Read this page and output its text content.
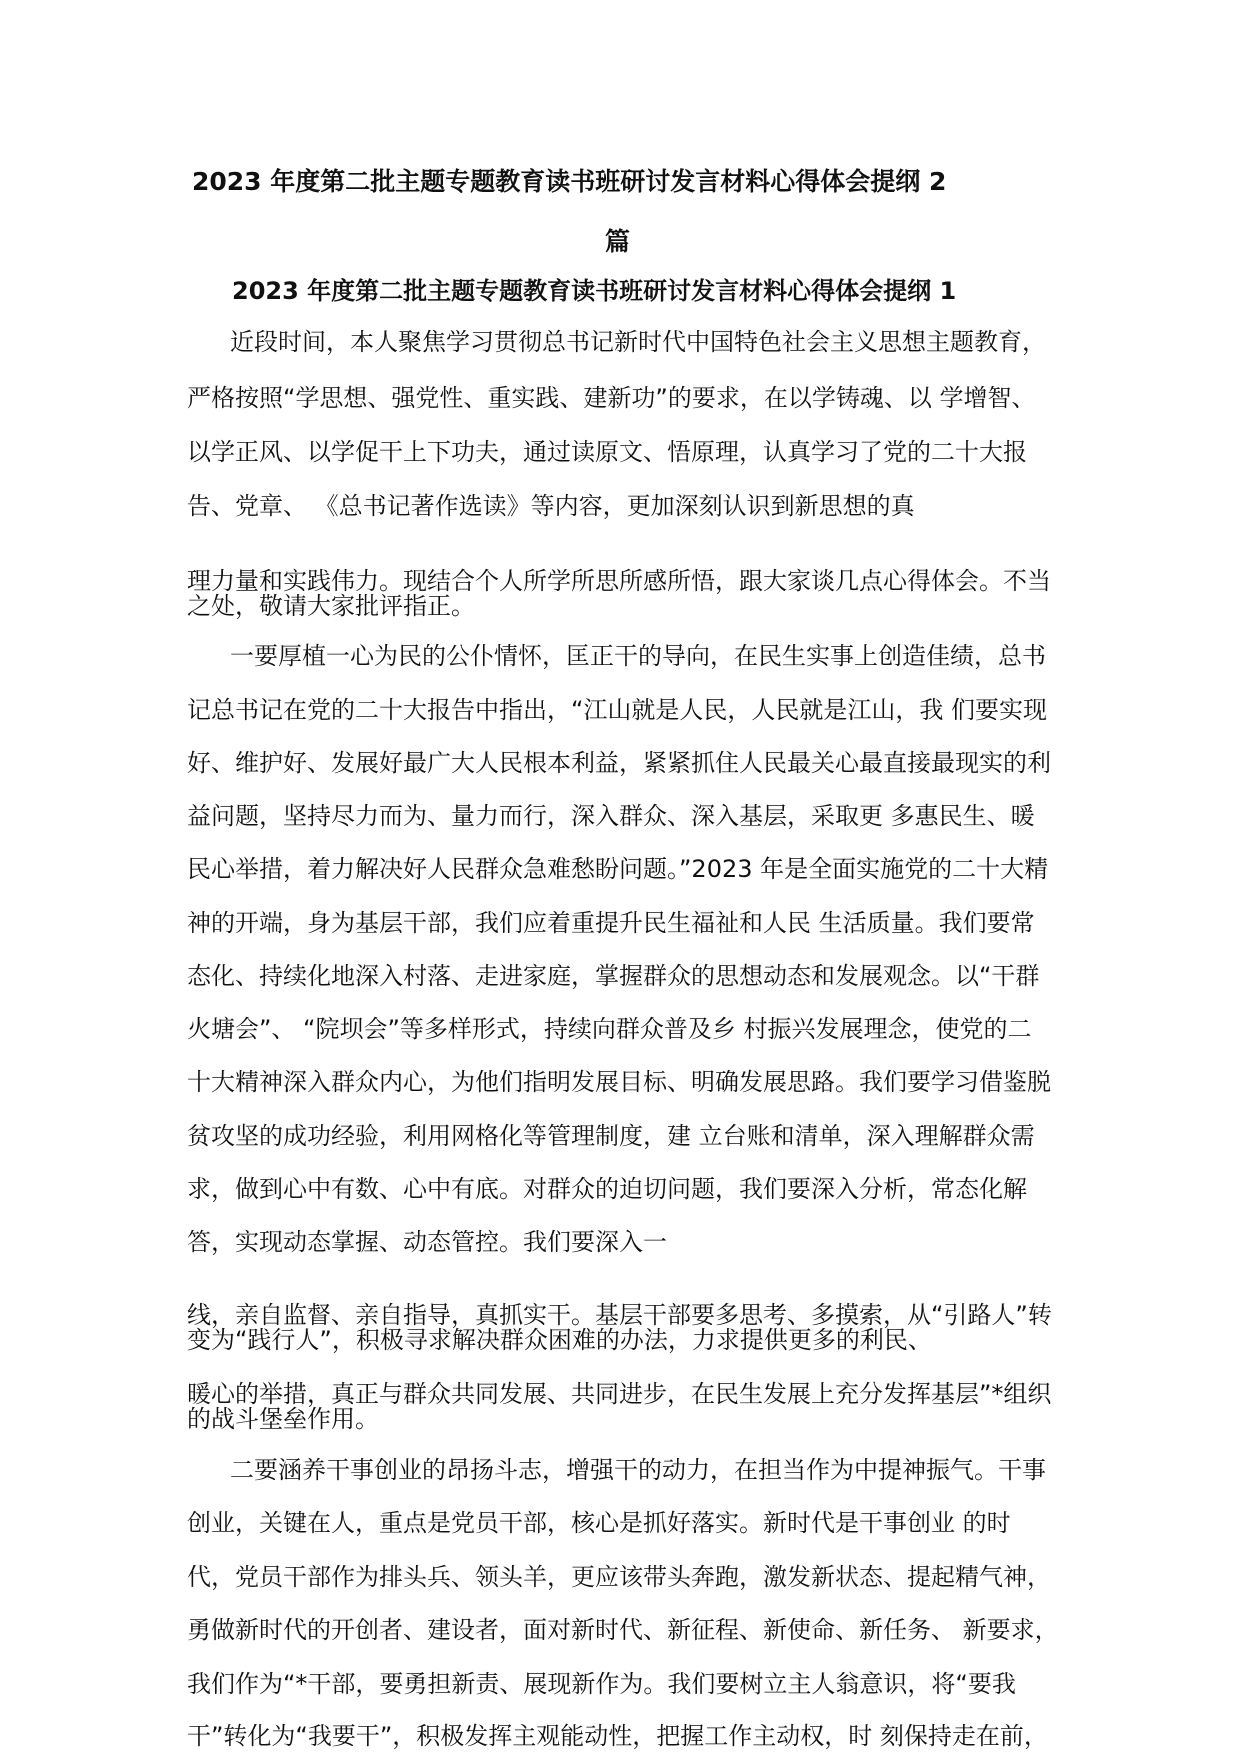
2023 年度第二批主题专题教育读书班研讨发言材料心得体会提纲 2
篇
2023 年度第二批主题专题教育读书班研讨发言材料心得体会提纲 1
近段时间，本人聚焦学习贯彻总书记新时代中国特色社会主义思想主题教育，
严格按照“学思想、强党性、重实践、建新功”的要求，在以学铸魂、以 学增智、
以学正风、以学促干上下功夫，通过读原文、悟原理，认真学习了党的二十大报
告、党章、 《总书记著作选读》等内容，更加深刻认识到新思想的真
理力量和实践伟力。现结合个人所学所思所感所悟，跟大家谈几点心得体会。不当
之处，敬请大家批评指正。
一要厚植一心为民的公仆情怀，匡正干的导向，在民生实事上创造佳绩，总书
记总书记在党的二十大报告中指出，“江山就是人民，人民就是江山，我 们要实现
好、维护好、发展好最广大人民根本利益，紧紧抓住人民最关心最直接最现实的利
益问题，坚持尽力而为、量力而行，深入群众、深入基层，采取更 多惠民生、暖
民心举措，着力解决好人民群众急难愁盼问题。”2023 年是全面实施党的二十大精
神的开端，身为基层干部，我们应着重提升民生福祉和人民 生活质量。我们要常
态化、持续化地深入村落、走进家庭，掌握群众的思想动态和发展观念。以“干群
火塘会”、 “院坝会”等多样形式，持续向群众普及乡 村振兴发展理念，使党的二
十大精神深入群众内心，为他们指明发展目标、明确发展思路。我们要学习借鉴脱
贫攻坚的成功经验，利用网格化等管理制度，建 立台账和清单，深入理解群众需
求，做到心中有数、心中有底。对群众的迫切问题，我们要深入分析，常态化解
答，实现动态掌握、动态管控。我们要深入一
线，亲自监督、亲自指导，真抓实干。基层干部要多思考、多摸索，从“引路人”转
变为“践行人”，积极寻求解决群众困难的办法，力求提供更多的利民、
暖心的举措，真正与群众共同发展、共同进步，在民生发展上充分发挥基层”*组织
的战斗堡垒作用。
二要涵养干事创业的昂扬斗志，增强干的动力，在担当作为中提神振气。干事
创业，关键在人，重点是党员干部，核心是抓好落实。新时代是干事创业 的时
代，党员干部作为排头兵、领头羊，更应该带头奔跑，激发新状态、提起精气神，
勇做新时代的开创者、建设者，面对新时代、新征程、新使命、新任务、 新要求，
我们作为“*干部，要勇担新责、展现新作为。我们要树立主人翁意识，将“要我
干”转化为“我要干”，积极发挥主观能动性，把握工作主动权，时 刻保持走在前，
